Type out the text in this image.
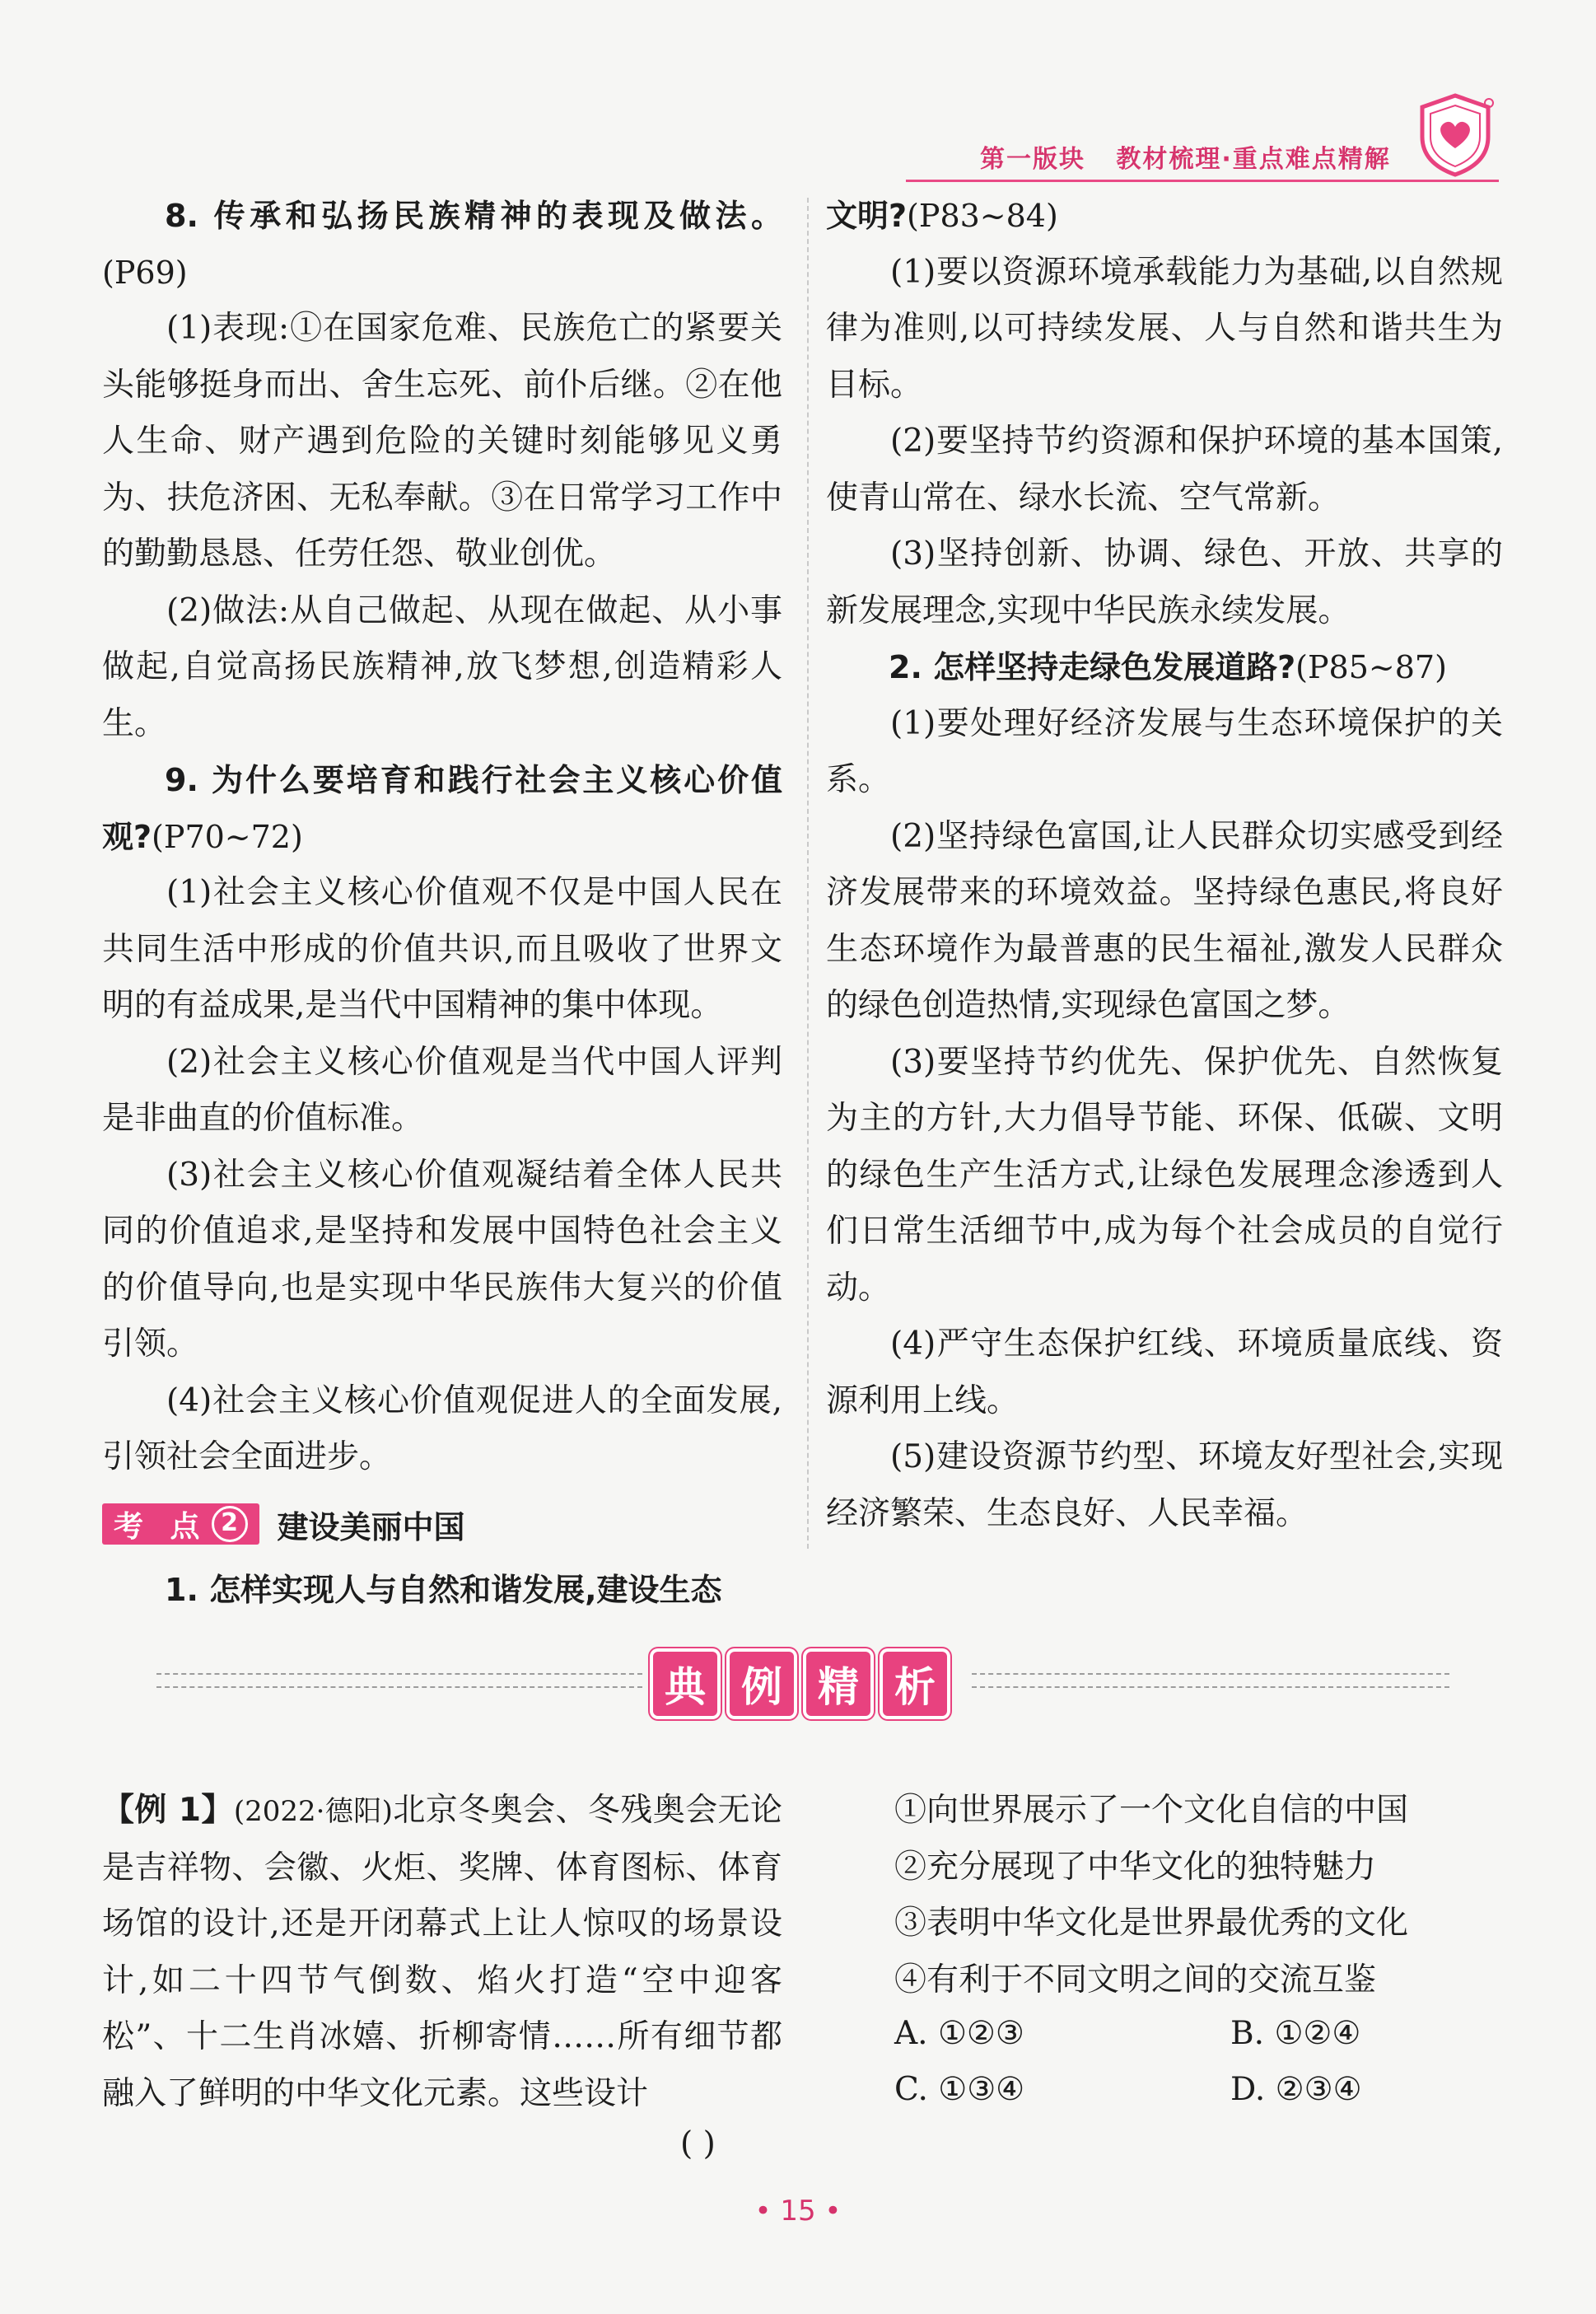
第一版块 教材梳理·重点难点精解

8. 传承和弘扬民族精神的表现及做法。(P69)

(1)表现:①在国家危难、民族危亡的紧要关头能够挺身而出、舍生忘死、前仆后继。②在他人生命、财产遇到危险的关键时刻能够见义勇为、扶危济困、无私奉献。③在日常学习工作中的勤勤恳恳、任劳任怨、敬业创优。

(2)做法:从自己做起、从现在做起、从小事做起,自觉高扬民族精神,放飞梦想,创造精彩人生。

9. 为什么要培育和践行社会主义核心价值观?(P70~72)

(1)社会主义核心价值观不仅是中国人民在共同生活中形成的价值共识,而且吸收了世界文明的有益成果,是当代中国精神的集中体现。

(2)社会主义核心价值观是当代中国人评判是非曲直的价值标准。

(3)社会主义核心价值观凝结着全体人民共同的价值追求,是坚持和发展中国特色社会主义的价值导向,也是实现中华民族伟大复兴的价值引领。

(4)社会主义核心价值观促进人的全面发展,引领社会全面进步。

考 点 2	建设美丽中国

1. 怎样实现人与自然和谐发展,建设生态

文明?(P83~84)

(1)要以资源环境承载能力为基础,以自然规律为准则,以可持续发展、人与自然和谐共生为目标。

(2)要坚持节约资源和保护环境的基本国策,使青山常在、绿水长流、空气常新。

(3)坚持创新、协调、绿色、开放、共享的新发展理念,实现中华民族永续发展。

2. 怎样坚持走绿色发展道路?(P85~87)

(1)要处理好经济发展与生态环境保护的关系。

(2)坚持绿色富国,让人民群众切实感受到经济发展带来的环境效益。坚持绿色惠民,将良好生态环境作为最普惠的民生福祉,激发人民群众的绿色创造热情,实现绿色富国之梦。

(3)要坚持节约优先、保护优先、自然恢复为主的方针,大力倡导节能、环保、低碳、文明的绿色生产生活方式,让绿色发展理念渗透到人们日常生活细节中,成为每个社会成员的自觉行动。

(4)严守生态保护红线、环境质量底线、资源利用上线。

(5)建设资源节约型、环境友好型社会,实现经济繁荣、生态良好、人民幸福。

典 例 精 析

【例 1】(2022·德阳)北京冬奥会、冬残奥会无论是吉祥物、会徽、火炬、奖牌、体育图标、体育场馆的设计,还是开闭幕式上让人惊叹的场景设计,如二十四节气倒数、焰火打造“空中迎客松”、十二生肖冰嬉、折柳寄情……所有细节都融入了鲜明的中华文化元素。这些设计

( )

①向世界展示了一个文化自信的中国

②充分展现了中华文化的独特魅力

③表明中华文化是世界最优秀的文化

④有利于不同文明之间的交流互鉴

A. ①②③	B. ①②④
C. ①③④	D. ②③④
• 15 •
